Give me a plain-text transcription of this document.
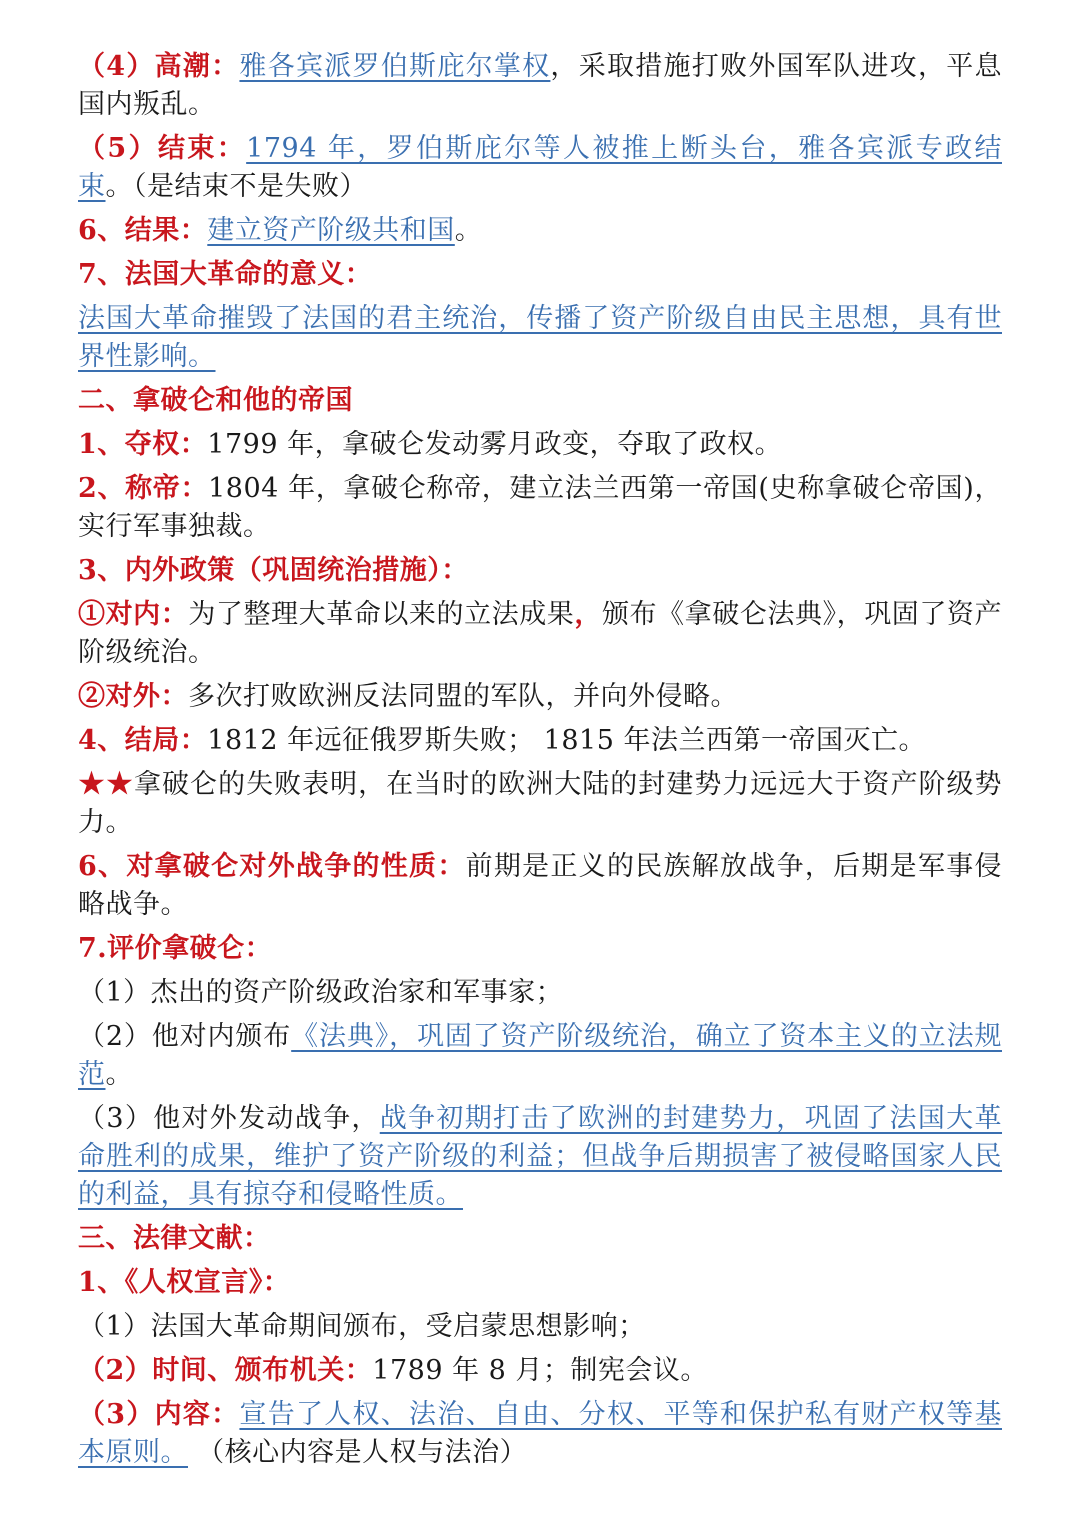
（4）高潮：雅各宾派罗伯斯庇尔掌权，采取措施打败外国军队进攻，平息国内叛乱。

（5）结束：1794 年，罗伯斯庇尔等人被推上断头台，雅各宾派专政结束。（是结束不是失败）

6、结果：建立资产阶级共和国。

7、法国大革命的意义：

法国大革命摧毁了法国的君主统治，传播了资产阶级自由民主思想，具有世界性影响。

二、拿破仑和他的帝国

1、夺权：1799 年，拿破仑发动雾月政变，夺取了政权。

2、称帝：1804 年，拿破仑称帝，建立法兰西第一帝国(史称拿破仑帝国)，实行军事独裁。

3、内外政策（巩固统治措施）：

①对内：为了整理大革命以来的立法成果，颁布《拿破仑法典》，巩固了资产阶级统治。

②对外：多次打败欧洲反法同盟的军队，并向外侵略。

4、结局：1812 年远征俄罗斯失败； 1815 年法兰西第一帝国灭亡。

★★拿破仑的失败表明，在当时的欧洲大陆的封建势力远远大于资产阶级势力。

6、对拿破仑对外战争的性质：前期是正义的民族解放战争，后期是军事侵略战争。

7.评价拿破仑：

（1）杰出的资产阶级政治家和军事家；

（2）他对内颁布《法典》，巩固了资产阶级统治，确立了资本主义的立法规范。

（3）他对外发动战争，战争初期打击了欧洲的封建势力，巩固了法国大革命胜利的成果，维护了资产阶级的利益；但战争后期损害了被侵略国家人民的利益，具有掠夺和侵略性质。

三、法律文献：

1、《人权宣言》：

（1）法国大革命期间颁布，受启蒙思想影响；

（2）时间、颁布机关：1789 年 8 月；制宪会议。

（3）内容：宣告了人权、法治、自由、分权、平等和保护私有财产权等基本原则。 （核心内容是人权与法治）
